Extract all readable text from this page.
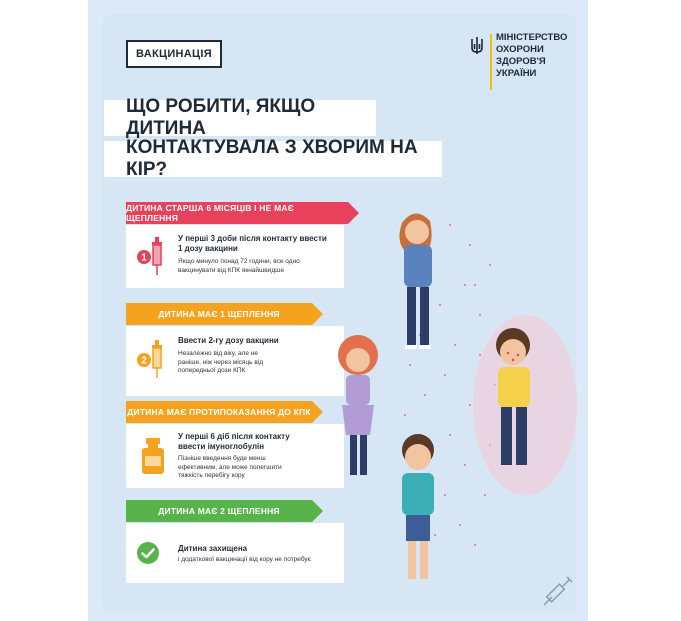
ВАКЦИНАЦІЯ
МІНІСТЕРСТВО
ОХОРОНИ
ЗДОРОВ'Я
УКРАЇНИ
ЩО РОБИТИ, ЯКЩО ДИТИНА
КОНТАКТУВАЛА З ХВОРИМ НА КІР?
ДИТИНА СТАРША 6 МІСЯЦІВ І НЕ МАЄ ЩЕПЛЕННЯ
1
У перші 3 доби після контакту ввести
1 дозу вакцини
Якщо минуло понад 72 години, все одно
вакцинувати від КПК якнайшвидше
ДИТИНА МАЄ 1 ЩЕПЛЕННЯ
2
Ввести 2-гу дозу вакцини
Незалежно від віку, але не
раніше, ніж через місяць від
попередньої дози КПК
ДИТИНА МАЄ ПРОТИПОКАЗАННЯ ДО КПК
У перші 6 діб після контакту
ввести імуноглобулін
Пізніше введення буде менш
ефективним, але може полегшити
тяжкість перебігу кору
ДИТИНА МАЄ 2 ЩЕПЛЕННЯ
Дитина захищена
і додаткової вакцинації від кору не потребує
